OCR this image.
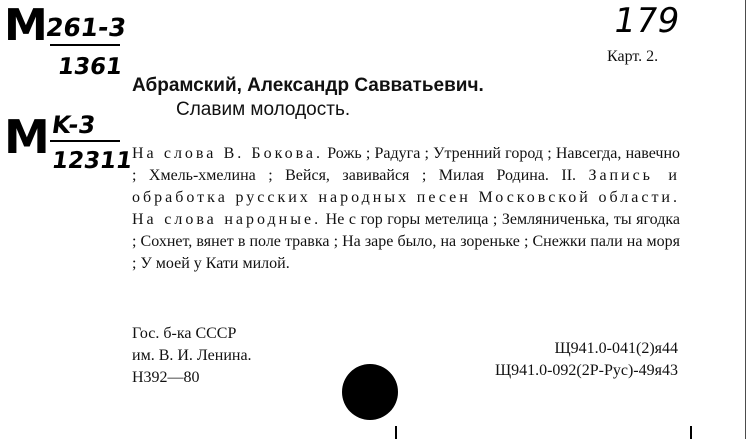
M
261-3
1361
M K-3
12311
179
Карт. 2.
Абрамский, Александр Савватьевич.
Славим молодость.
На слова В. Бокова. Рожь ; Радуга ; Утренний город ; Навсегда, навечно ; Хмель-хмелина ; Вейся, завивайся ; Милая Родина. II. Запись и обработка русских народных песен Московской области. На слова народные. Не с гор горы метелица ; Земляниченька, ты ягодка ; Сохнет, вянет в поле травка ; На заре было, на зореньке ; Снежки пали на моря ; У моей у Кати милой.
Гос. б-ка СССР
им. В. И. Ленина.
Н392—80
Щ941.0-041(2)я44
Щ941.0-092(2Р-Рус)-49я43
